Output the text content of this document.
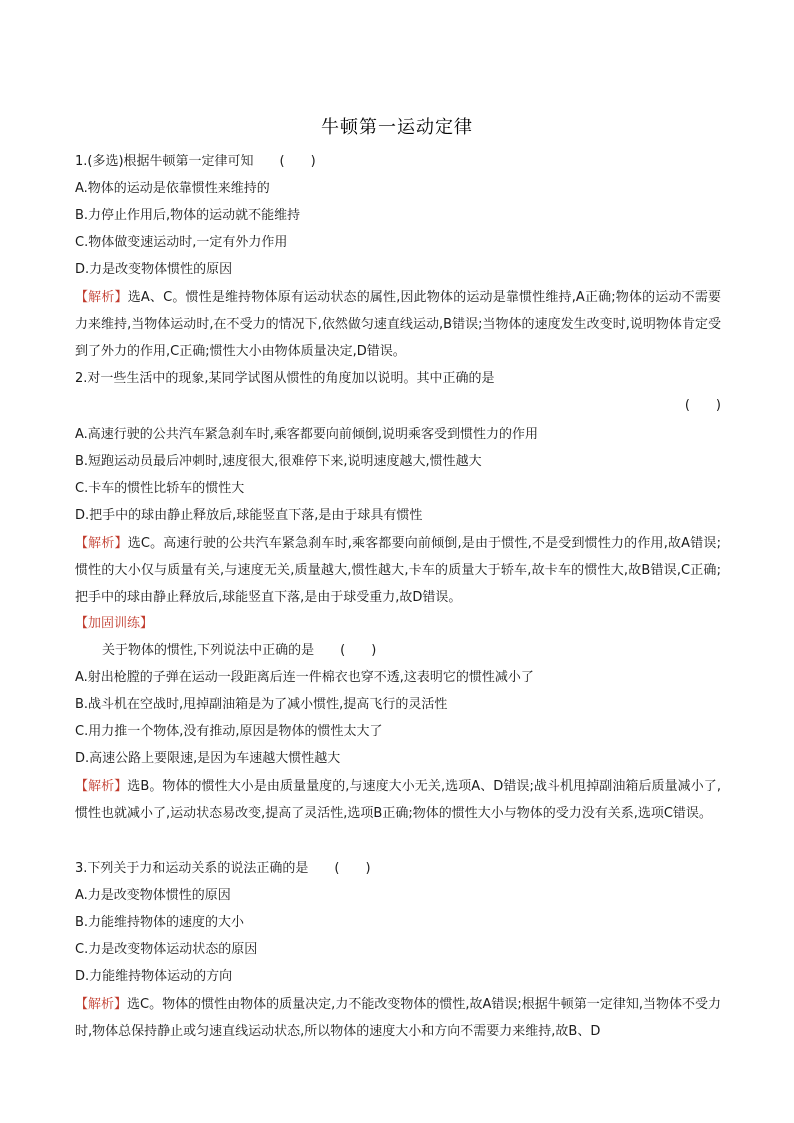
牛顿第一运动定律
1.(多选)根据牛顿第一定律可知　　(　　)
A.物体的运动是依靠惯性来维持的
B.力停止作用后,物体的运动就不能维持
C.物体做变速运动时,一定有外力作用
D.力是改变物体惯性的原因
【解析】选A、C。惯性是维持物体原有运动状态的属性,因此物体的运动是靠惯性维持,A正确;物体的运动不需要力来维持,当物体运动时,在不受力的情况下,依然做匀速直线运动,B错误;当物体的速度发生改变时,说明物体肯定受到了外力的作用,C正确;惯性大小由物体质量决定,D错误。
2.对一些生活中的现象,某同学试图从惯性的角度加以说明。其中正确的是
(　　)
A.高速行驶的公共汽车紧急刹车时,乘客都要向前倾倒,说明乘客受到惯性力的作用
B.短跑运动员最后冲刺时,速度很大,很难停下来,说明速度越大,惯性越大
C.卡车的惯性比轿车的惯性大
D.把手中的球由静止释放后,球能竖直下落,是由于球具有惯性
【解析】选C。高速行驶的公共汽车紧急刹车时,乘客都要向前倾倒,是由于惯性,不是受到惯性力的作用,故A错误;惯性的大小仅与质量有关,与速度无关,质量越大,惯性越大,卡车的质量大于轿车,故卡车的惯性大,故B错误,C正确;把手中的球由静止释放后,球能竖直下落,是由于球受重力,故D错误。
【加固训练】
关于物体的惯性,下列说法中正确的是　　(　　)
A.射出枪膛的子弹在运动一段距离后连一件棉衣也穿不透,这表明它的惯性减小了
B.战斗机在空战时,甩掉副油箱是为了减小惯性,提高飞行的灵活性
C.用力推一个物体,没有推动,原因是物体的惯性太大了
D.高速公路上要限速,是因为车速越大惯性越大
【解析】选B。物体的惯性大小是由质量量度的,与速度大小无关,选项A、D错误;战斗机甩掉副油箱后质量减小了,惯性也就减小了,运动状态易改变,提高了灵活性,选项B正确;物体的惯性大小与物体的受力没有关系,选项C错误。
3.下列关于力和运动关系的说法正确的是　　(　　)
A.力是改变物体惯性的原因
B.力能维持物体的速度的大小
C.力是改变物体运动状态的原因
D.力能维持物体运动的方向
【解析】选C。物体的惯性由物体的质量决定,力不能改变物体的惯性,故A错误;根据牛顿第一定律知,当物体不受力时,物体总保持静止或匀速直线运动状态,所以物体的速度大小和方向不需要力来维持,故B、D
